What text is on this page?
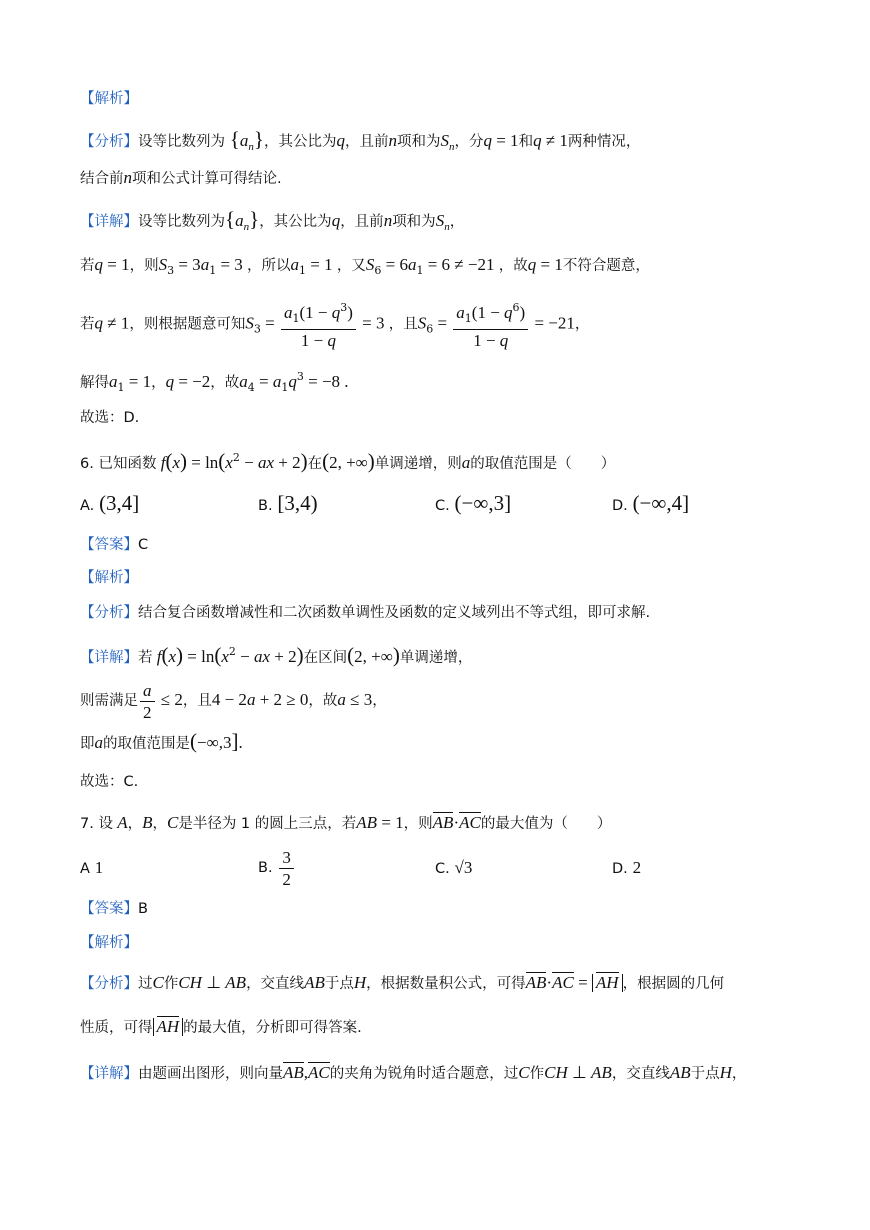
【解析】
【分析】设等比数列为 $\{a_n\}$，其公比为q，且前n项和为$S_n$，分q = 1和q ≠ 1两种情况，
结合前n项和公式计算可得结论.
【详解】设等比数列为$\{a_n\}$，其公比为q，且前n项和为$S_n$，
若q = 1，则$S_3 = 3a_1 = 3$ ，所以$a_1 = 1$ ，又$S_6 = 6a_1 = 6 \ne -21$ ，故q = 1不符合题意，
若q ≠ 1，则根据题意可知$S_3 = \frac{a_1(1 - q^3)}{1 - q} = 3$ ，且$S_6 = \frac{a_1(1 - q^6)}{1 - q} = -21$，
解得$a_1 = 1$，q = −2，故$a_4 = a_1q^3 = -8$ .
故选：D.
6. 已知函数 $f(x) = \ln(x^2$ − ax + 2)在(2, +∞)单调递增，则a的取值范围是（　　）
A. (3,4]	B. [3,4)	C. (−∞,3]	D. (−∞,4]
【答案】C
【解析】
【分析】结合复合函数增减性和二次函数单调性及函数的定义域列出不等式组，即可求解.
【详解】若 $f(x) = \ln(x^2$ − ax + 2)在区间(2, +∞)单调递增，
则需满足 $\frac{a}{2} \le 2$，且4 − 2a + 2 ≥ 0，故a ≤ 3，
即a的取值范围是(−∞,3].
故选：C.
7. 设 A，B，C是半径为 1 的圆上三点，若AB = 1，则AB·AC的最大值为（　　）
A 1	B. $\frac{3}{2}$	C. √3	D. 2
【答案】B
【解析】
【分析】过C作CH ⊥ AB，交直线AB于点H，根据数量积公式，可得AB·AC = AH ，根据圆的几何
性质，可得 AH 的最大值，分析即可得答案.
【详解】由题画出图形，则向量AB,AC的夹角为锐角时适合题意，过C作CH ⊥ AB，交直线AB于点H，
